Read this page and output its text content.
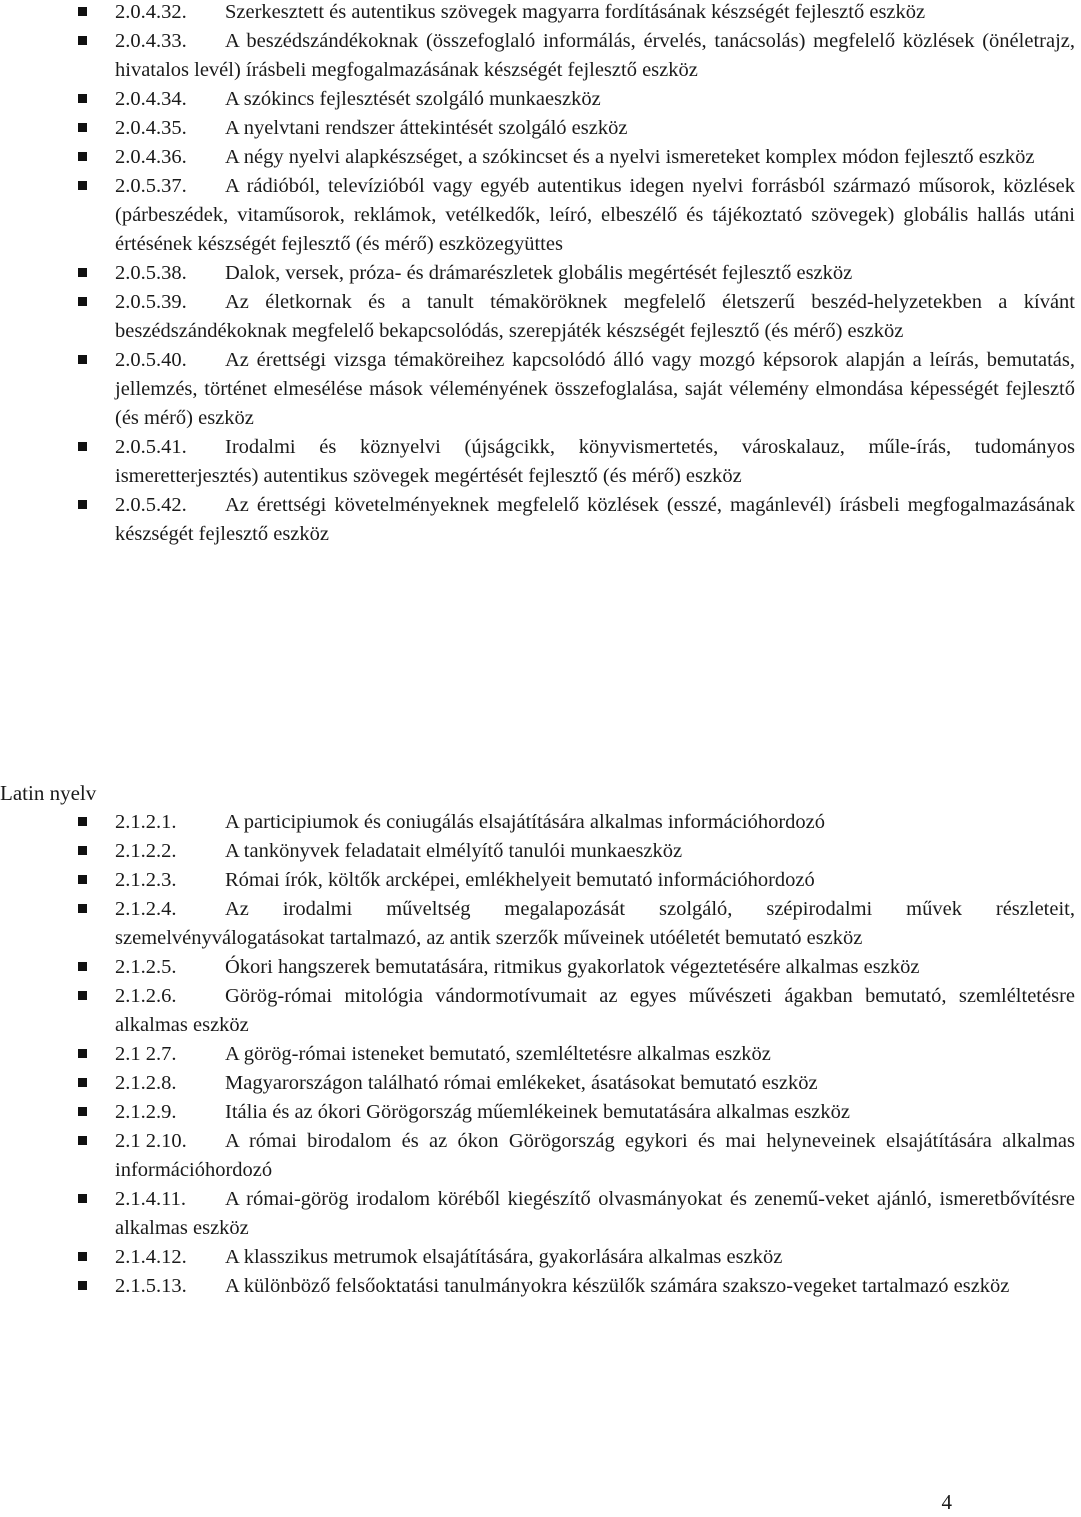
2.0.4.32. Szerkesztett és autentikus szövegek magyarra fordításának készségét fejlesztő eszköz
2.0.4.33. A beszédszándékoknak (összefoglaló informálás, érvelés, tanácsolás) megfelelő közlések (önéletrajz, hivatalos levél) írásbeli megfogalmazásának készségét fejlesztő eszköz
2.0.4.34. A szókincs fejlesztését szolgáló munkaeszköz
2.0.4.35. A nyelvtani rendszer áttekintését szolgáló eszköz
2.0.4.36. A négy nyelvi alapkészséget, a szókincset és a nyelvi ismereteket komplex módon fejlesztő eszköz
2.0.5.37. A rádióból, televízióból vagy egyéb autentikus idegen nyelvi forrásból származó műsorok, közlések (párbeszédek, vitaműsorok, reklámok, vetélkedők, leíró, elbeszélő és tájékoztató szövegek) globális hallás utáni értésének készségét fejlesztő (és mérő) eszközegyüttes
2.0.5.38. Dalok, versek, próza- és drámarészletek globális megértését fejlesztő eszköz
2.0.5.39. Az életkornak és a tanult témaköröknek megfelelő életszerű beszéd-helyzetekben a kívánt beszédszándékoknak megfelelő bekapcsolódás, szerepjáték készségét fejlesztő (és mérő) eszköz
2.0.5.40. Az érettségi vizsga témaköreihez kapcsolódó álló vagy mozgó képsorok alapján a leírás, bemutatás, jellemzés, történet elmesélése mások véleményének összefoglalása, saját vélemény elmondása képességét fejlesztő (és mérő) eszköz
2.0.5.41. Irodalmi és köznyelvi (újságcikk, könyvismertetés, városkalauz, műle-írás, tudományos ismeretterjesztés) autentikus szövegek megértését fejlesztő (és mérő) eszköz
2.0.5.42. Az érettségi követelményeknek megfelelő közlések (esszé, magánlevél) írásbeli megfogalmazásának készségét fejlesztő eszköz
Latin nyelv
2.1.2.1. A participiumok és coniugálás elsajátítására alkalmas információhordozó
2.1.2.2. A tankönyvek feladatait elmélyítő tanulói munkaeszköz
2.1.2.3. Római írók, költők arcképei, emlékhelyeit bemutató információhordozó
2.1.2.4. Az irodalmi műveltség megalapozását szolgáló, szépirodalmi művek részleteit, szemelvényválogatásokat tartalmazó, az antik szerzők műveinek utóéletét bemutató eszköz
2.1.2.5. Ókori hangszerek bemutatására, ritmikus gyakorlatok végeztetésére alkalmas eszköz
2.1.2.6. Görög-római mitológia vándormotívumait az egyes művészeti ágakban bemutató, szemléltetésre alkalmas eszköz
2.1 2.7. A görög-római isteneket bemutató, szemléltetésre alkalmas eszköz
2.1.2.8. Magyarországon található római emlékeket, ásatásokat bemutató eszköz
2.1.2.9. Itália és az ókori Görögország műemlékeinek bemutatására alkalmas eszköz
2.1 2.10. A római birodalom és az ókon Görögország egykori és mai helyneveinek elsajátítására alkalmas információhordozó
2.1.4.11. A római-görög irodalom köréből kiegészítő olvasmányokat és zenemű-veket ajánló, ismeretbővítésre alkalmas eszköz
2.1.4.12. A klasszikus metrumok elsajátítására, gyakorlására alkalmas eszköz
2.1.5.13. A különböző felsőoktatási tanulmányokra készülők számára szakszo-vegeket tartalmazó eszköz
4
